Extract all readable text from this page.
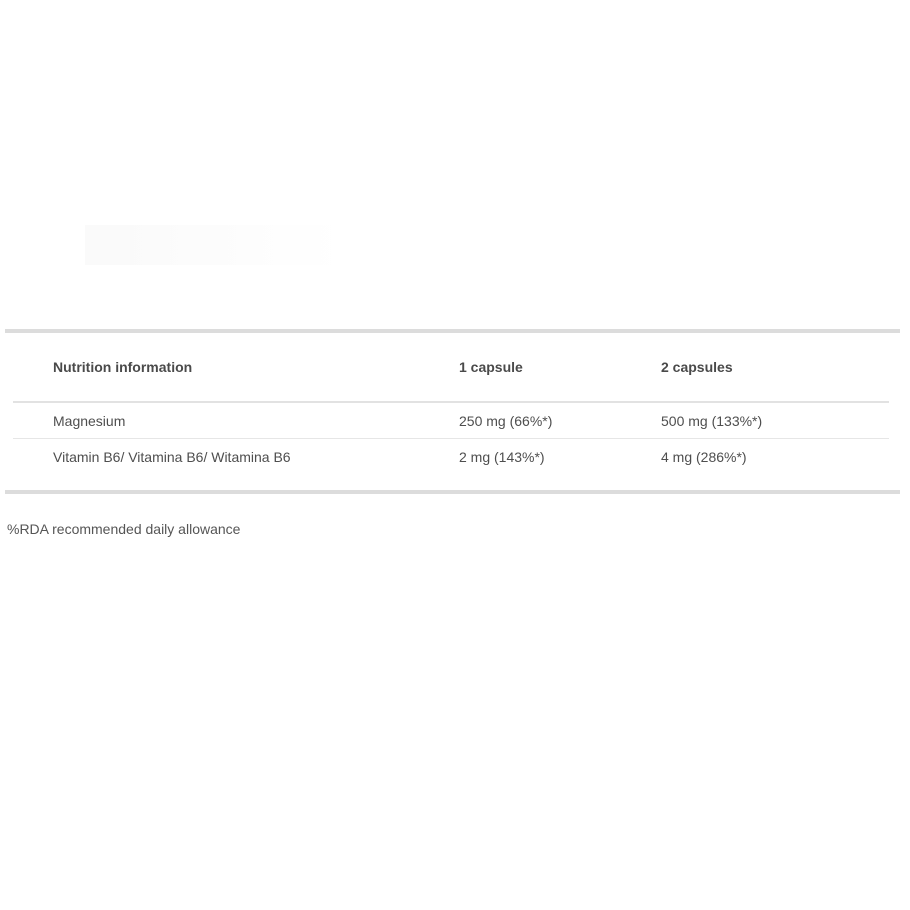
Nutrition information	1 capsule	2 capsules
Magnesium	250 mg (66%*)	500 mg (133%*)
Vitamin B6/ Vitamina B6/ Witamina B6	2 mg (143%*)	4 mg (286%*)
%RDA recommended daily allowance
